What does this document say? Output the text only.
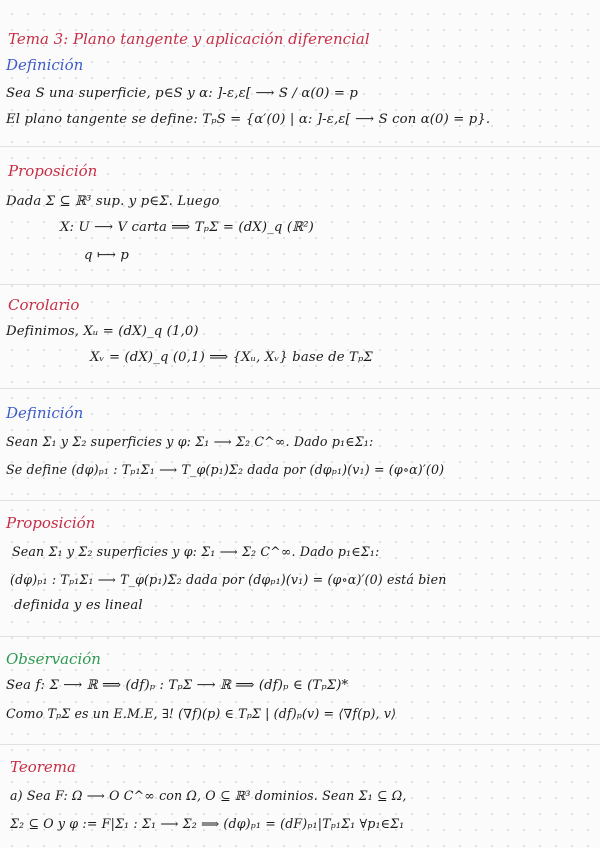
Tema 3: Plano tangente y aplicación diferencial
Definición
Sea S una superficie, p∈S y α: ]-ε,ε[ ⟶ S / α(0) = p
El plano tangente se define: TₚS = {α′(0) | α: ]-ε,ε[ ⟶ S con α(0) = p}.
Proposición
Dada Σ ⊆ ℝ³ sup. y p∈Σ. Luego
X: U ⟶ V carta ⟹ TₚΣ = (dX)_q (ℝ²)
q ⟼ p
Corolario
Definimos, Xᵤ = (dX)_q (1,0)
Xᵥ = (dX)_q (0,1) ⟹ {Xᵤ, Xᵥ} base de TₚΣ
Definición
Sean Σ₁ y Σ₂ superficies y φ: Σ₁ ⟶ Σ₂ C^∞. Dado p₁∈Σ₁:
Se define (dφ)ₚ₁ : Tₚ₁Σ₁ ⟶ T_φ(p₁)Σ₂ dada por (dφₚ₁)(v₁) = (φ∘α)′(0)
Proposición
Sean Σ₁ y Σ₂ superficies y φ: Σ₁ ⟶ Σ₂ C^∞. Dado p₁∈Σ₁:
(dφ)ₚ₁ : Tₚ₁Σ₁ ⟶ T_φ(p₁)Σ₂ dada por (dφₚ₁)(v₁) = (φ∘α)′(0) está bien
definida y es lineal
Observación
Sea f: Σ ⟶ ℝ ⟹ (df)ₚ : TₚΣ ⟶ ℝ ⟹ (df)ₚ ∈ (TₚΣ)*
Como TₚΣ es un E.M.E, ∃! (∇f)(p) ∈ TₚΣ | (df)ₚ(v) = ⟨∇f(p), v⟩
Teorema
a) Sea F: Ω ⟶ O C^∞ con Ω, O ⊆ ℝ³ dominios. Sean Σ₁ ⊆ Ω,
Σ₂ ⊆ O y φ := F|Σ₁ : Σ₁ ⟶ Σ₂ ⟹ (dφ)ₚ₁ = (dF)ₚ₁|Tₚ₁Σ₁ ∀p₁∈Σ₁
